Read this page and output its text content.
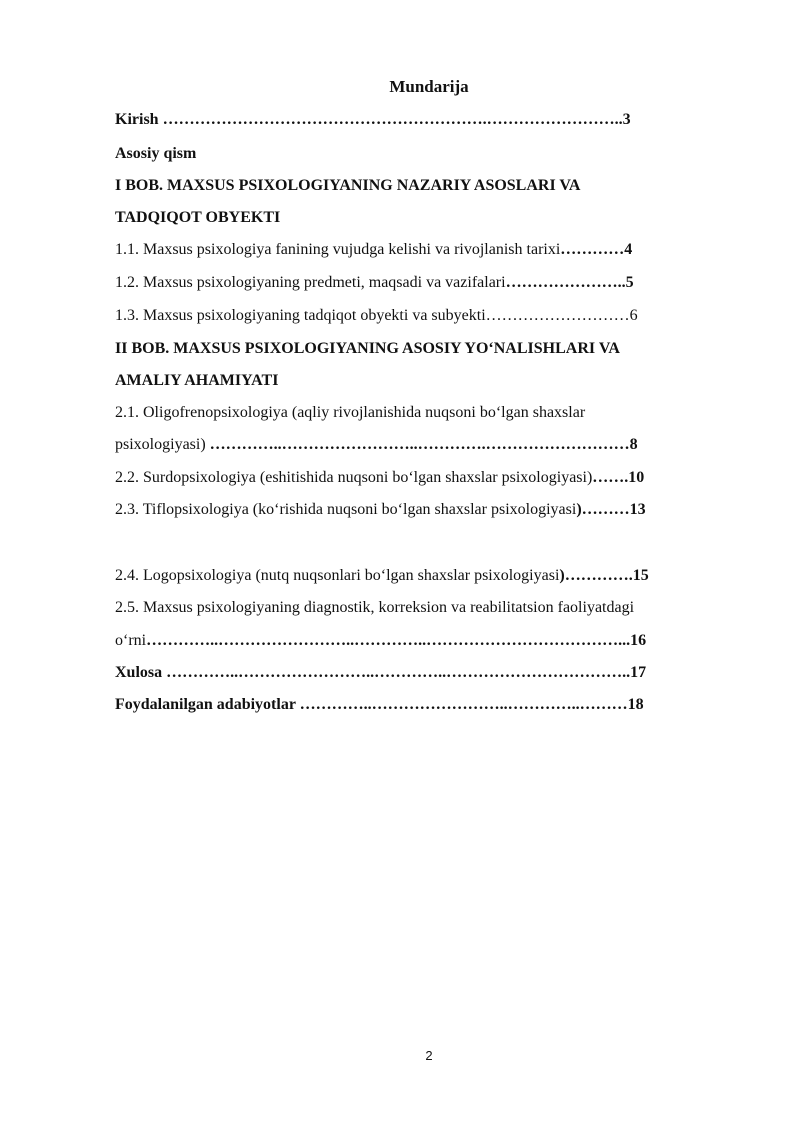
Mundarija
Kirish …………………………………………………….……………………..3
Asosiy qism
I BOB. MAXSUS PSIXOLOGIYANING NAZARIY ASOSLARI VA
TADQIQOT OBYEKTI
1.1. Maxsus psixologiya fanining vujudga kelishi va rivojlanish tarixi…………4
1.2. Maxsus psixologiyaning predmeti, maqsadi va vazifalari…………………..5
1.3. Maxsus psixologiyaning tadqiqot obyekti va subyekti………………………6
II BOB. MAXSUS PSIXOLOGIYANING ASOSIY YO‘NALISHLARI VA
AMALIY AHAMIYATI
2.1. Oligofrenopsixologiya (aqliy rivojlanishida nuqsoni bo‘lgan shaxslar
psixologiyasi) …………..……………………..………….………………………8
2.2. Surdopsixologiya (eshitishida nuqsoni bo‘lgan shaxslar psixologiyasi)…….10
2.3. Tiflopsixologiya (ko‘rishida nuqsoni bo‘lgan shaxslar psixologiyasi)………13
2.4. Logopsixologiya (nutq nuqsonlari bo‘lgan shaxslar psixologiyasi)………….15
2.5. Maxsus psixologiyaning diagnostik, korreksion va reabilitatsion faoliyatdagi
o‘rni…………..……………………..…………..………………………………...16
Xulosa …………..……………………..…………..……………………………..17
Foydalanilgan adabiyotlar …………..……………………..…………..………18
2
